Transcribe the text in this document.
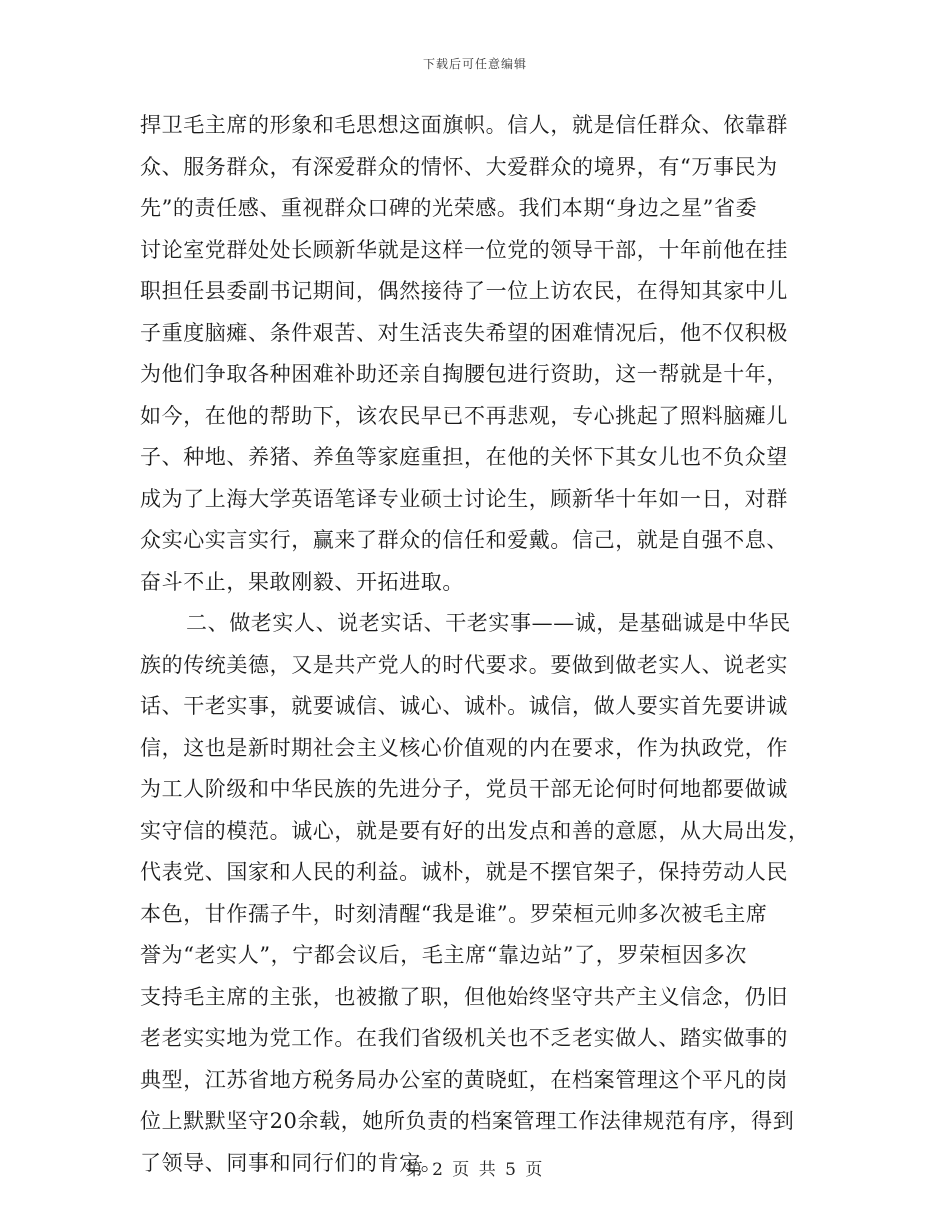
下载后可任意编辑
捍卫毛主席的形象和毛思想这面旗帜。信人，就是信任群众、依靠群
众、服务群众，有深爱群众的情怀、大爱群众的境界，有“万事民为
先”的责任感、重视群众口碑的光荣感。我们本期“身边之星”省委
讨论室党群处处长顾新华就是这样一位党的领导干部，十年前他在挂
职担任县委副书记期间，偶然接待了一位上访农民，在得知其家中儿
子重度脑瘫、条件艰苦、对生活丧失希望的困难情况后，他不仅积极
为他们争取各种困难补助还亲自掏腰包进行资助，这一帮就是十年，
如今，在他的帮助下，该农民早已不再悲观，专心挑起了照料脑瘫儿
子、种地、养猪、养鱼等家庭重担，在他的关怀下其女儿也不负众望
成为了上海大学英语笔译专业硕士讨论生，顾新华十年如一日，对群
众实心实言实行，赢来了群众的信任和爱戴。信己，就是自强不息、
奋斗不止，果敢刚毅、开拓进取。
二、做老实人、说老实话、干老实事——诚，是基础诚是中华民
族的传统美德，又是共产党人的时代要求。要做到做老实人、说老实
话、干老实事，就要诚信、诚心、诚朴。诚信，做人要实首先要讲诚
信，这也是新时期社会主义核心价值观的内在要求，作为执政党，作
为工人阶级和中华民族的先进分子，党员干部无论何时何地都要做诚
实守信的模范。诚心，就是要有好的出发点和善的意愿，从大局出发，
代表党、国家和人民的利益。诚朴，就是不摆官架子，保持劳动人民
本色，甘作孺子牛，时刻清醒“我是谁”。罗荣桓元帅多次被毛主席
誉为“老实人”，宁都会议后，毛主席“靠边站”了，罗荣桓因多次
支持毛主席的主张，也被撤了职，但他始终坚守共产主义信念，仍旧
老老实实地为党工作。在我们省级机关也不乏老实做人、踏实做事的
典型，江苏省地方税务局办公室的黄晓虹，在档案管理这个平凡的岗
位上默默坚守20余载，她所负责的档案管理工作法律规范有序，得到
了领导、同事和同行们的肯定。
第 2 页 共 5 页
